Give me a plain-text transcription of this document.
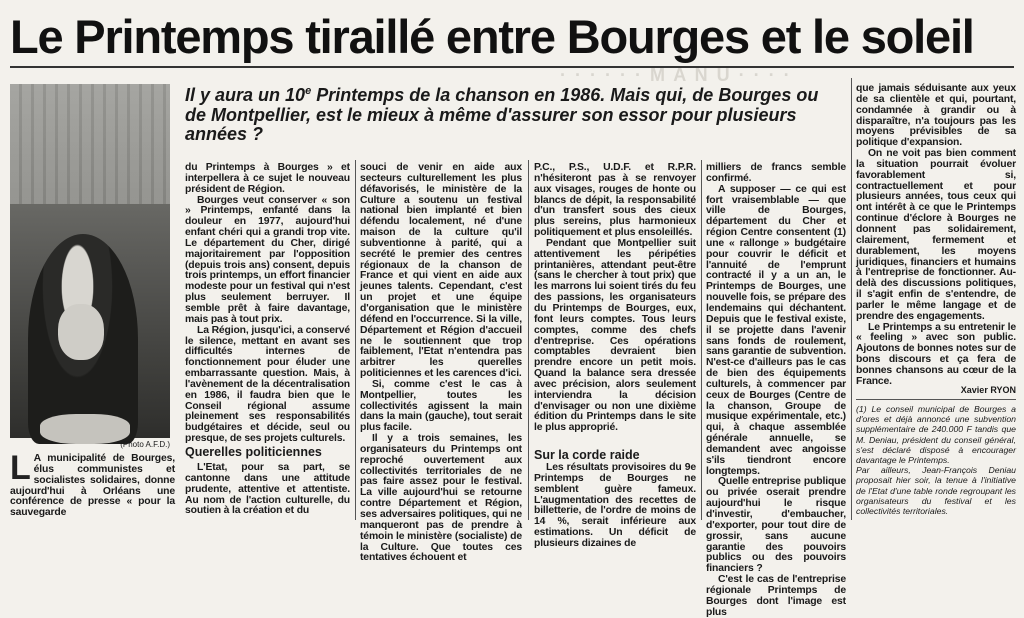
Le Printemps tiraillé entre Bourges et le soleil
· · · · · · M A N U · · · ·
(Photo A.F.D.)
Il y aura un 10e Printemps de la chanson en 1986. Mais qui, de Bourges ou de Montpellier, est le mieux à même d'assurer son essor pour plusieurs années ?
L A municipalité de Bourges, élus communistes et socialistes solidaires, donne aujourd'hui à Orléans une conférence de presse « pour la sauvegarde

du Printemps à Bourges » et interpellera à ce sujet le nouveau président de Région.

Bourges veut conserver « son » Printemps, enfanté dans la douleur en 1977, aujourd'hui enfant chéri qui a grandi trop vite. Le département du Cher, dirigé majoritairement par l'opposition (depuis trois ans) consent, depuis trois printemps, un effort financier modeste pour un festival qui n'est plus seulement berruyer. Il semble prêt à faire davantage, mais pas à tout prix.

La Région, jusqu'ici, a conservé le silence, mettant en avant ses difficultés internes de fonctionnement pour éluder une embarrassante question. Mais, à l'avènement de la décentralisation en 1986, il faudra bien que le Conseil régional assume pleinement ses responsabilités budgétaires et décide, seul ou presque, de ses projets culturels.

Querelles politiciennes

L'Etat, pour sa part, se cantonne dans une attitude prudente, attentive et attentiste. Au nom de l'action culturelle, du soutien à la création et du

souci de venir en aide aux secteurs culturellement les plus défavorisés, le ministère de la Culture a soutenu un festival national bien implanté et bien défendu localement, né d'une maison de la culture qu'il subventionne à parité, qui a secrété le premier des centres régionaux de la chanson de France et qui vient en aide aux jeunes talents. Cependant, c'est un projet et une équipe d'organisation que le ministère défend en l'occurrence. Si la ville, Département et Région d'accueil ne le soutiennent que trop faiblement, l'Etat n'entendra pas arbitrer les querelles politiciennes et les carences d'ici.

Si, comme c'est le cas à Montpellier, toutes les collectivités agissent la main dans la main (gauche), tout serait plus facile.

Il y a trois semaines, les organisateurs du Printemps ont reproché ouvertement aux collectivités territoriales de ne pas faire assez pour le festival. La ville aujourd'hui se retourne contre Département et Région, ses adversaires politiques, qui ne manqueront pas de prendre à témoin le ministère (socialiste) de la Culture. Que toutes ces tentatives échouent et

P.C., P.S., U.D.F. et R.P.R. n'hésiteront pas à se renvoyer aux visages, rouges de honte ou blancs de dépit, la responsabilité d'un transfert sous des cieux plus sereins, plus harmonieux politiquement et plus ensoleillés.

Pendant que Montpellier suit attentivement les péripéties printanières, attendant peut-être (sans le chercher à tout prix) que les marrons lui soient tirés du feu des passions, les organisateurs du Printemps de Bourges, eux, font leurs comptes. Tous leurs comptes, comme des chefs d'entreprise. Ces opérations comptables devraient bien prendre encore un petit mois. Quand la balance sera dressée avec précision, alors seulement interviendra la décision d'envisager ou non une dixième édition du Printemps dans le site le plus approprié.

Sur la corde raide

Les résultats provisoires du 9e Printemps de Bourges ne semblent guère fameux. L'augmentation des recettes de billetterie, de l'ordre de moins de 14 %, serait inférieure aux estimations. Un déficit de plusieurs dizaines de

milliers de francs semble confirmé.

A supposer — ce qui est fort vraisemblable — que ville de Bourges, département du Cher et région Centre consentent (1) une « rallonge » budgétaire pour couvrir le déficit et l'annuité de l'emprunt contracté il y a un an, le Printemps de Bourges, une nouvelle fois, se prépare des lendemains qui déchantent. Depuis que le festival existe, il se projette dans l'avenir sans fonds de roulement, sans garantie de subvention. N'est-ce d'ailleurs pas le cas de bien des équipements culturels, à commencer par ceux de Bourges (Centre de la chanson, Groupe de musique expérimentale, etc.) qui, à chaque assemblée générale annuelle, se demandent avec angoisse s'ils tiendront encore longtemps.

Quelle entreprise publique ou privée oserait prendre aujourd'hui le risque d'investir, d'embaucher, d'exporter, pour tout dire de grossir, sans aucune garantie des pouvoirs publics ou des pouvoirs financiers ?

C'est le cas de l'entreprise régionale Printemps de Bourges dont l'image est plus

que jamais séduisante aux yeux de sa clientèle et qui, pourtant, condamnée à grandir ou à disparaître, n'a toujours pas les moyens prévisibles de sa politique d'expansion.

On ne voit pas bien comment la situation pourrait évoluer favorablement si, contractuellement et pour plusieurs années, tous ceux qui ont intérêt à ce que le Printemps continue d'éclore à Bourges ne donnent pas solidairement, clairement, fermement et durablement, les moyens juridiques, financiers et humains à l'entreprise de fonctionner. Au-delà des discussions politiques, il s'agit enfin de s'entendre, de parler le même langage et de prendre des engagements.

Le Printemps a su entretenir le « feeling » avec son public. Ajoutons de bonnes notes sur de bons discours et ça fera de bonnes chansons au cœur de la France.

Xavier RYON

(1) Le conseil municipal de Bourges a d'ores et déjà annoncé une subvention supplémentaire de 240.000 F tandis que M. Deniau, président du conseil général, s'est déclaré disposé à encourager davantage le Printemps.

Par ailleurs, Jean-François Deniau proposait hier soir, la tenue à l'initiative de l'Etat d'une table ronde regroupant les organisateurs du festival et les collectivités territoriales.
